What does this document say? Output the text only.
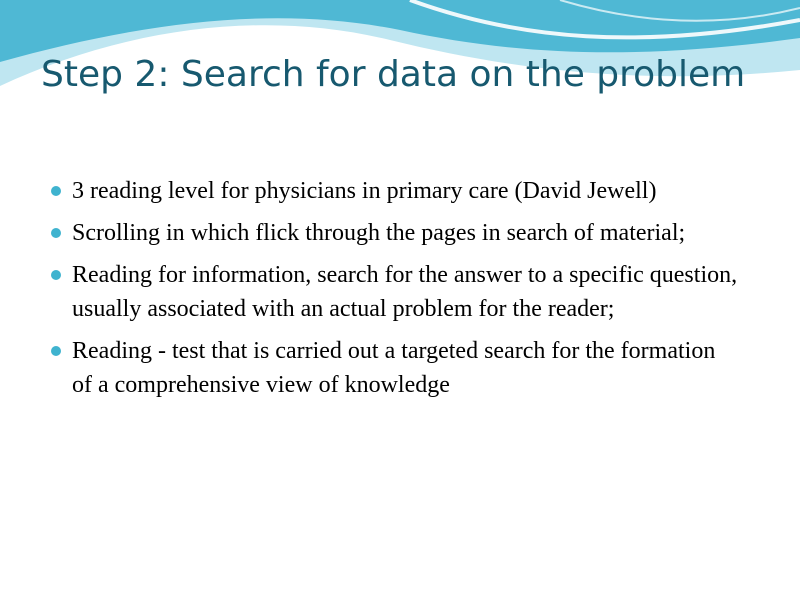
Step 2: Search for data on the problem
3 reading level for physicians in primary care (David Jewell)
Scrolling in which flick through the pages in search of material;
Reading for information, search for the answer to a specific question, usually associated with an actual problem for the reader;
Reading - test that is carried out a targeted search for the formation of a comprehensive view of knowledge
